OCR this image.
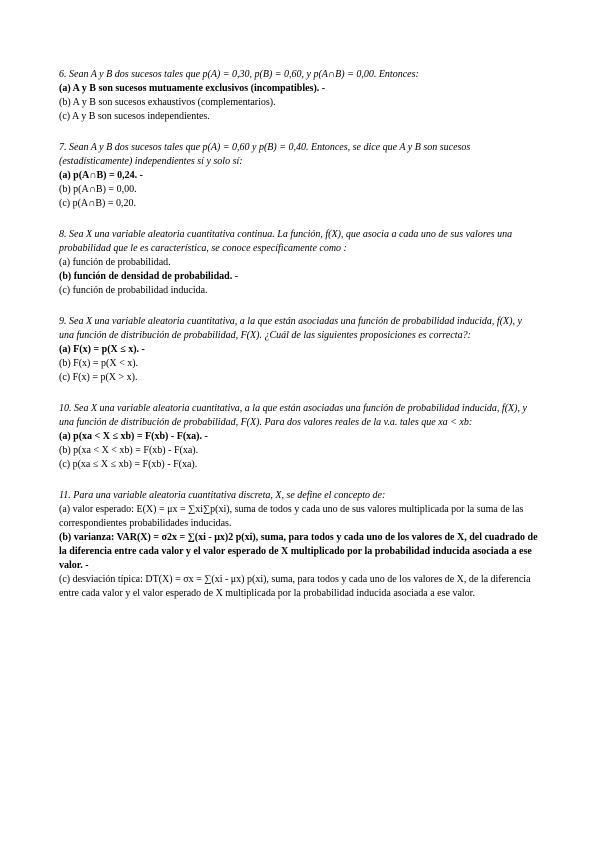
6. Sean A y B dos sucesos tales que p(A) = 0,30, p(B) = 0,60, y p(A∩B) = 0,00. Entonces:
(a) A y B son sucesos mutuamente exclusivos (incompatibles). -
(b) A y B son sucesos exhaustivos (complementarios).
(c) A y B son sucesos independientes.
7. Sean A y B dos sucesos tales que p(A) = 0,60 y p(B) = 0,40. Entonces, se dice que A y B son sucesos (estadísticamente) independientes sí y solo sí:
(a) p(A∩B) = 0,24. -
(b) p(A∩B) = 0,00.
(c) p(A∩B) = 0,20.
8. Sea X una variable aleatoria cuantitativa continua. La función, f(X), que asocia a cada uno de sus valores una probabilidad que le es característica, se conoce específicamente como :
(a) función de probabilidad.
(b) función de densidad de probabilidad. -
(c) función de probabilidad inducida.
9. Sea X una variable aleatoria cuantitativa, a la que están asociadas una función de probabilidad inducida, f(X), y una función de distribución de probabilidad, F(X). ¿Cuál de las siguientes proposiciones es correcta?:
(a) F(x) = p(X ≤ x). -
(b) F(x) = p(X < x).
(c) F(x) = p(X > x).
10. Sea X una variable aleatoria cuantitativa, a la que están asociadas una función de probabilidad inducida, f(X), y una función de distribución de probabilidad, F(X). Para dos valores reales de la v.a. tales que xa < xb:
(a) p(xa < X ≤ xb) = F(xb) - F(xa). -
(b) p(xa < X < xb) = F(xb) - F(xa).
(c) p(xa ≤ X ≤ xb) = F(xb) - F(xa).
11. Para una variable aleatoria cuantitativa discreta, X, se define el concepto de:
(a) valor esperado: E(X) = μx = ∑xi∑p(xi), suma de todos y cada uno de sus valores multiplicada por la suma de las correspondientes probabilidades inducidas.
(b) varianza: VAR(X) = σ2x = ∑(xi - μx)2 p(xi), suma, para todos y cada uno de los valores de X, del cuadrado de la diferencia entre cada valor y el valor esperado de X multiplicado por la probabilidad inducida asociada a ese valor. -
(c) desviación típica: DT(X) = σx = ∑(xi - μx) p(xi), suma, para todos y cada uno de los valores de X, de la diferencia entre cada valor y el valor esperado de X multiplicada por la probabilidad inducida asociada a ese valor.
